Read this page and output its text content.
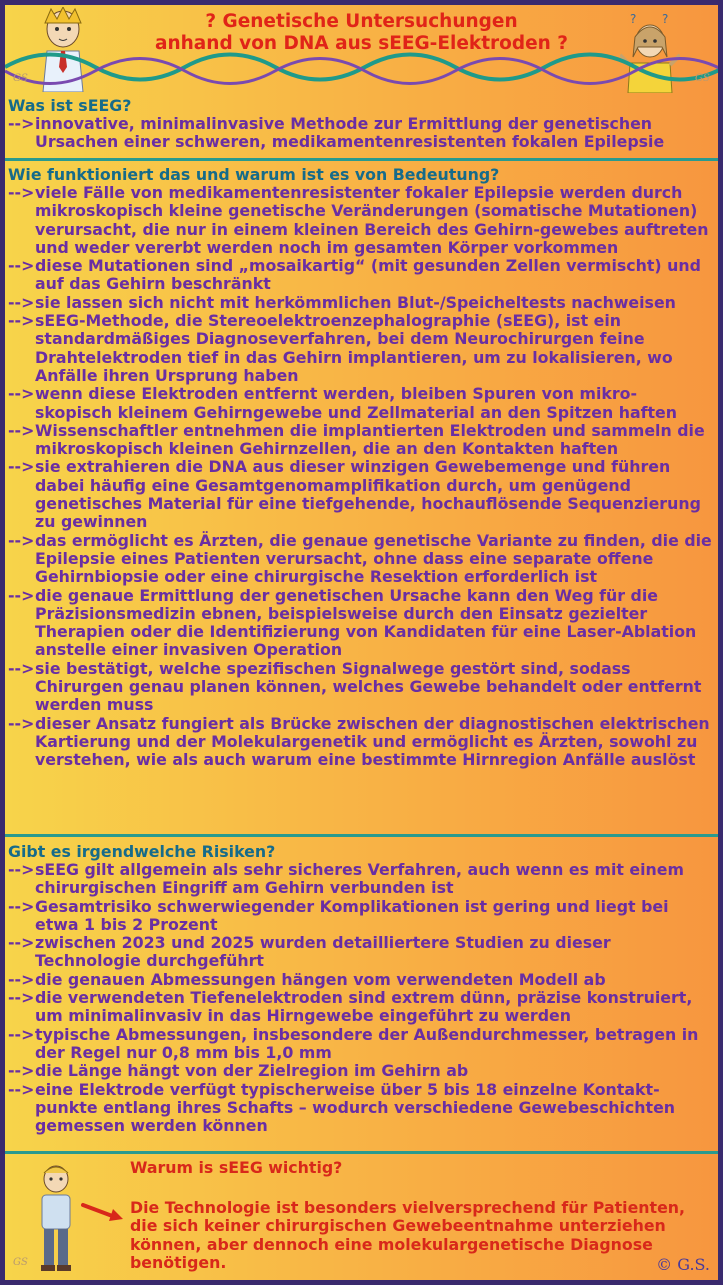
? ?
? Genetische Untersuchungen
anhand von DNA aus sEEG-Elektroden ?
GS	GS
Was ist sEEG?

-->innovative, minimalinvasive Methode zur Ermittlung der genetischen Ursachen einer schweren, medikamentenresistenten fokalen Epilepsie

Wie funktioniert das und warum ist es von Bedeutung?

-->viele Fälle von medikamentenresistenter fokaler Epilepsie werden durch mikroskopisch kleine genetische Veränderungen (somatische Mutationen) verursacht, die nur in einem kleinen Bereich des Gehirn-gewebes auftreten und weder vererbt werden noch im gesamten Körper vorkommen

-->diese Mutationen sind „mosaikartig“ (mit gesunden Zellen vermischt) und auf das Gehirn beschränkt

-->sie lassen sich nicht mit herkömmlichen Blut-/Speicheltests nachweisen

-->sEEG-Methode, die Stereoelektroenzephalographie (sEEG), ist ein standardmäßiges Diagnoseverfahren, bei dem Neurochirurgen feine Drahtelektroden tief in das Gehirn implantieren, um zu lokalisieren, wo Anfälle ihren Ursprung haben

-->wenn diese Elektroden entfernt werden, bleiben Spuren von mikro-skopisch kleinem Gehirngewebe und Zellmaterial an den Spitzen haften

-->Wissenschaftler entnehmen die implantierten Elektroden und sammeln die mikroskopisch kleinen Gehirnzellen, die an den Kontakten haften

-->sie extrahieren die DNA aus dieser winzigen Gewebemenge und führen dabei häufig eine Gesamtgenomamplifikation durch, um genügend genetisches Material für eine tiefgehende, hochauflösende Sequenzierung zu gewinnen

-->das ermöglicht es Ärzten, die genaue genetische Variante zu finden, die die Epilepsie eines Patienten verursacht, ohne dass eine separate offene Gehirnbiopsie oder eine chirurgische Resektion erforderlich ist

-->die genaue Ermittlung der genetischen Ursache kann den Weg für die Präzisionsmedizin ebnen, beispielsweise durch den Einsatz gezielter Therapien oder die Identifizierung von Kandidaten für eine Laser-Ablation anstelle einer invasiven Operation

-->sie bestätigt, welche spezifischen Signalwege gestört sind, sodass Chirurgen genau planen können, welches Gewebe behandelt oder entfernt werden muss

-->dieser Ansatz fungiert als Brücke zwischen der diagnostischen elektrischen Kartierung und der Molekulargenetik und ermöglicht es Ärzten, sowohl zu verstehen, wie als auch warum eine bestimmte Hirnregion Anfälle auslöst

Gibt es irgendwelche Risiken?

-->sEEG gilt allgemein als sehr sicheres Verfahren, auch wenn es mit einem chirurgischen Eingriff am Gehirn verbunden ist

-->Gesamtrisiko schwerwiegender Komplikationen ist gering und liegt bei etwa 1 bis 2 Prozent

-->zwischen 2023 und 2025 wurden detailliertere Studien zu dieser Technologie durchgeführt

-->die genauen Abmessungen hängen vom verwendeten Modell ab

-->die verwendeten Tiefenelektroden sind extrem dünn, präzise konstruiert, um minimalinvasiv in das Hirngewebe eingeführt zu werden

-->typische Abmessungen, insbesondere der Außendurchmesser, betragen in der Regel nur 0,8 mm bis 1,0 mm

-->die Länge hängt von der Zielregion im Gehirn ab

-->eine Elektrode verfügt typischerweise über 5 bis 18 einzelne Kontakt-punkte entlang ihres Schafts – wodurch verschiedene Gewebeschichten gemessen werden können

GS
Warum is sEEG wichtig?
Die Technologie ist besonders vielversprechend für Patienten, die sich keiner chirurgischen Gewebeentnahme unterziehen können, aber dennoch eine molekulargenetische Diagnose benötigen.	© G.S.
